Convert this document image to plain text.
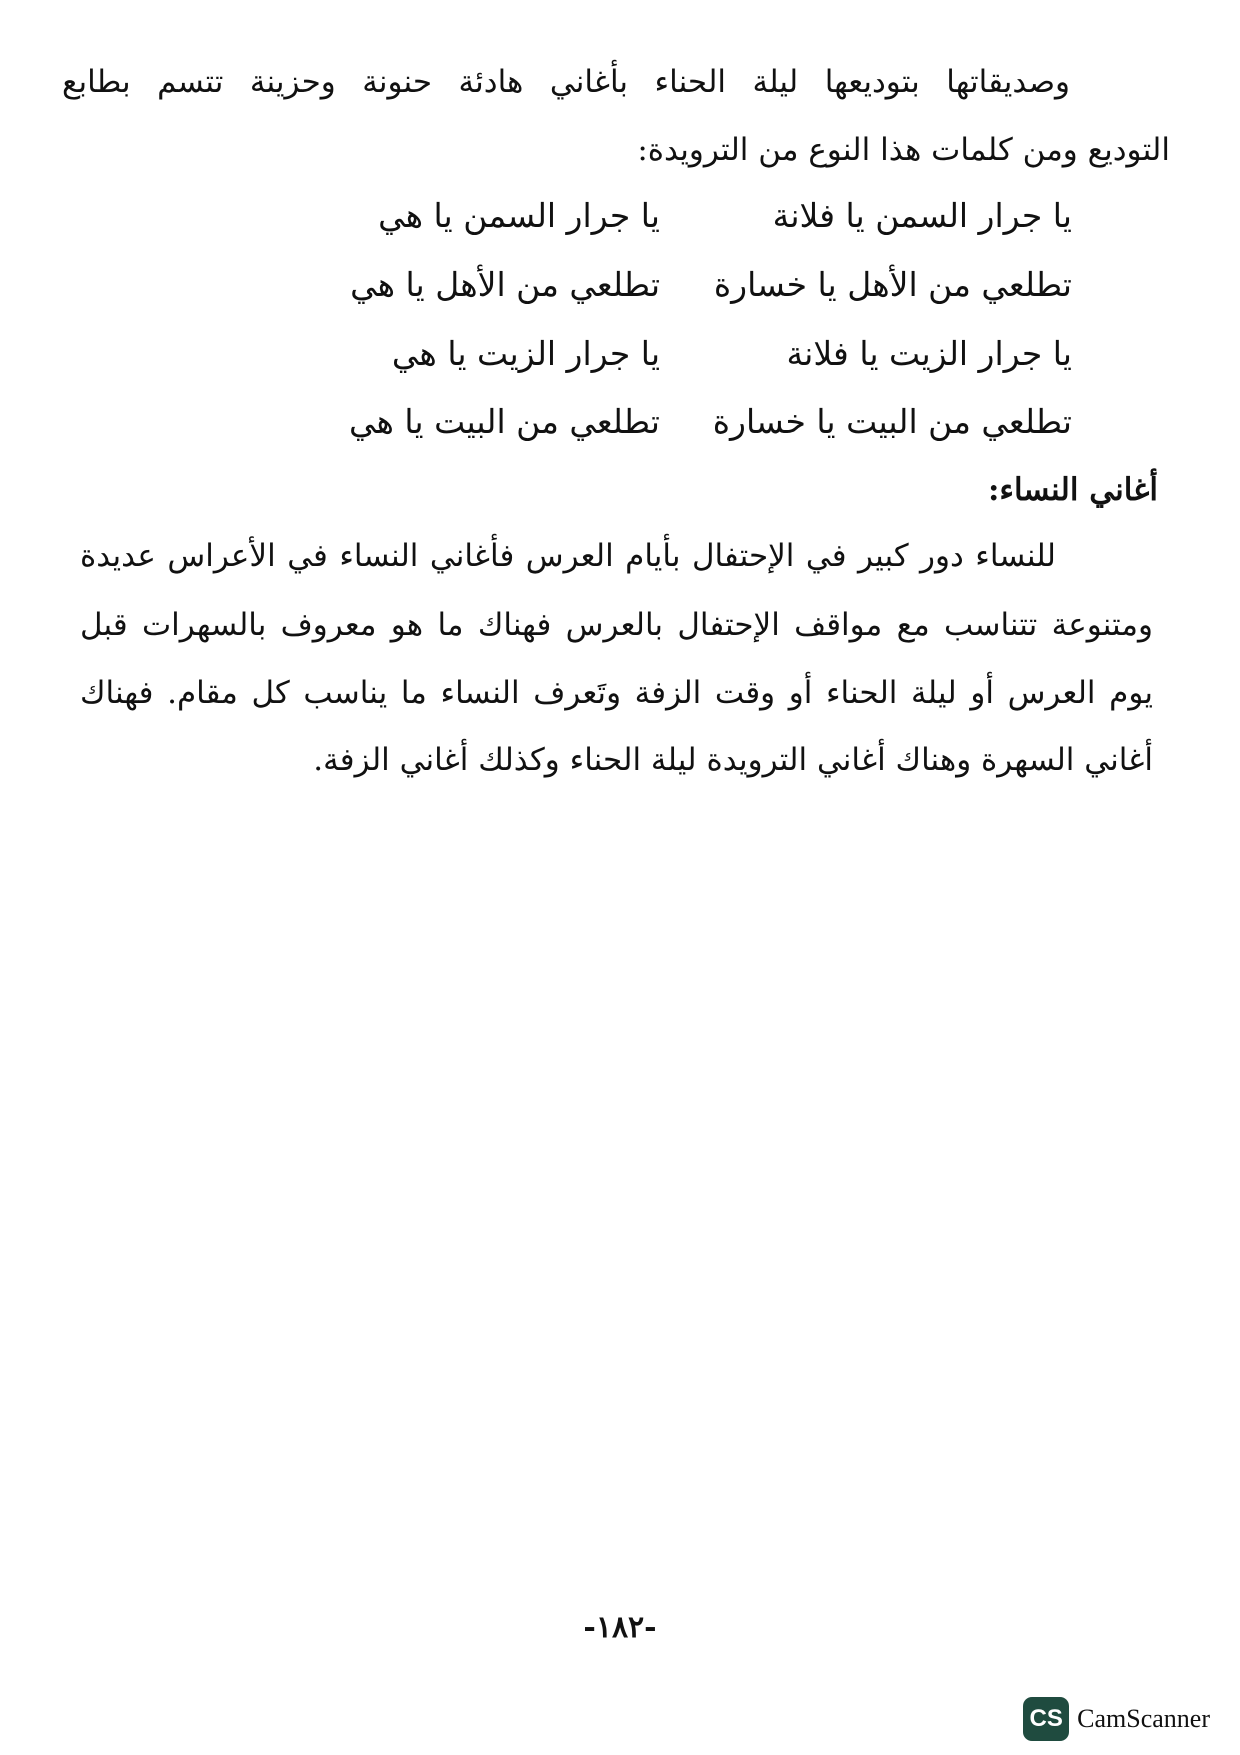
وصديقاتها بتوديعها ليلة الحناء بأغاني هادئة حنونة وحزينة تتسم بطابع
التوديع ومن كلمات هذا النوع من الترويدة:
يا جرار السمن يا فلانة
يا جرار السمن يا هي
تطلعي من الأهل يا خسارة
تطلعي من الأهل يا هي
يا جرار الزيت يا فلانة
يا جرار الزيت يا هي
تطلعي من البيت يا خسارة
تطلعي من البيت يا هي
أغاني النساء:
للنساء دور كبير في الإحتفال بأيام العرس فأغاني النساء في الأعراس عديدة
ومتنوعة تتناسب مع مواقف الإحتفال بالعرس فهناك ما هو معروف بالسهرات قبل
يوم العرس أو ليلة الحناء أو وقت الزفة وتَعرف النساء ما يناسب كل مقام. فهناك
أغاني السهرة وهناك أغاني الترويدة ليلة الحناء وكذلك أغاني الزفة.
-١٨٢-
CS CamScanner
